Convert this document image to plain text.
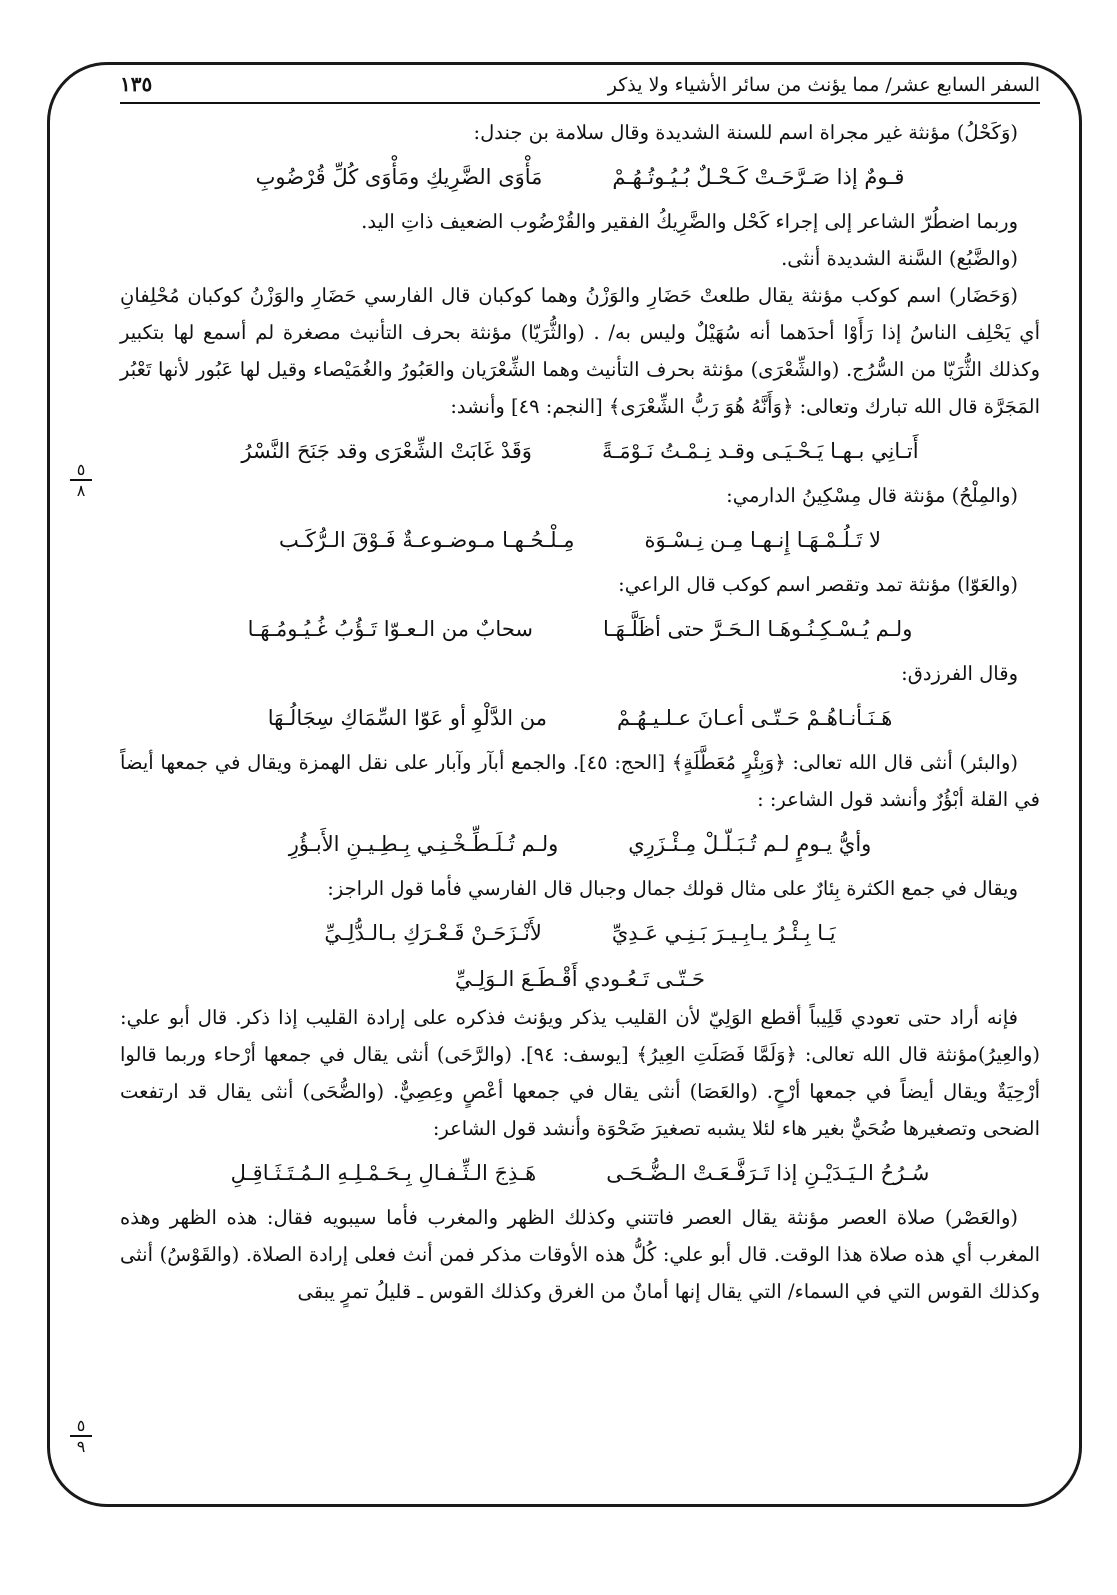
٥
٨
٥
٩
السفر السابع عشر/ مما يؤنث من سائر الأشياء ولا يذكر
١٣٥

(وَكَحْلُ) مؤنثة غير مجراة اسم للسنة الشديدة وقال سلامة بن جندل:

قـومٌ إذا صَـرَّحَـتْ كَـحْـلٌ بُـيُـوتُـهُـمْ
مَأْوَى الضَّرِيكِ ومَأْوَى كُلِّ قُرْضُوبِ

وربما اضطُرّ الشاعر إلى إجراء كَحْل والضَّرِيكُ الفقير والقُرْضُوب الضعيف ذاتِ اليد.

(والضَّبُع) السَّنة الشديدة أنثى.

(وَحَضَار) اسم كوكب مؤنثة يقال طلعتْ حَضَارِ والوَزْنُ وهما كوكبان قال الفارسي حَضَارِ والوَزْنُ كوكبان مُحْلِفانِ أي يَحْلِف الناسُ إذا رَأَوْا أحدَهما أنه سُهَيْلٌ وليس به/ . (والثُّرَيّا) مؤنثة بحرف التأنيث مصغرة لم أسمع لها بتكبير وكذلك الثُّرَيّا من السُّرُج. (والشِّعْرَى) مؤنثة بحرف التأنيث وهما الشِّعْرَيان والعَبُورُ والغُمَيْصاء وقيل لها عَبُور لأنها تَعْبُر المَجَرَّة قال الله تبارك وتعالى: ﴿وَأَنَّهُ هُوَ رَبُّ الشِّعْرَى﴾ [النجم: ٤٩] وأنشد:

أَتـانِي بـهـا يَـحْـيَـى وقـد نِـمْـتُ نَـوْمَـةً
وَقَدْ غَابَتْ الشِّعْرَى وقد جَنَحَ النَّسْرُ

(والمِلْحُ) مؤنثة قال مِسْكِينُ الدارمي:

لا تَـلُـمْـهَـا إِنـهـا مِـن نِـسْـوَة
مِـلْـحُـهـا مـوضـوعـةٌ فَـوْقَ الـرُّكَـب

(والعَوّا) مؤنثة تمد وتقصر اسم كوكب قال الراعي:

ولـم يُـسْـكِـنُـوهَـا الـحَـرَّ حتى أظَلَّـهَـا
سحابٌ من الـعـوّا تَـؤُبُ غُـيُـومُـهَـا

وقال الفرزدق:

هَـنَـأنـاهُـمْ حَـتّـى أعـانَ عـلـيـهُـمْ
من الدَّلْوِ أو عَوّا السِّمَاكِ سِجَالُـهَا

(والبئر) أنثى قال الله تعالى: ﴿وَبِئْرٍ مُعَطَّلَةٍ﴾ [الحج: ٤٥]. والجمع أبآر وآبار على نقل الهمزة ويقال في جمعها أيضاً في القلة أبْؤُرٌ وأنشد قول الشاعر: :

وأيُّ يـومٍ لـم تُـبَـلّـلْ مِـئْـزَرِي
ولـم تُـلَـطِّـخْـنِـي بِـطِـيـنِ الأَبـؤُرِ

ويقال في جمع الكثرة بِئارٌ على مثال قولك جمال وجبال قال الفارسي فأما قول الراجز:

يَـا بِـئْـرُ يـابِـيـرَ بَـنِـي عَـدِيِّ
لأَنْـزَحَـنْ قَـعْـرَكِ بـالـدُّلِـيِّ
حَـتّـى تَـعُـودي أَقْـطَـعَ الـوَلِـيِّ

فإنه أراد حتى تعودي قَلِيباً أقطع الوَلِيّ لأن القليب يذكر ويؤنث فذكره على إرادة القليب إذا ذكر. قال أبو علي: (والعِيرُ)مؤنثة قال الله تعالى: ﴿وَلَمَّا فَصَلَتِ العِيرُ﴾ [يوسف: ٩٤]. (والرَّحَى) أنثى يقال في جمعها أرْحاء وربما قالوا أرْحِيَةٌ ويقال أيضاً في جمعها أرْحٍ. (والعَصَا) أنثى يقال في جمعها أعْصٍ وعِصِيٌّ. (والضُّحَى) أنثى يقال قد ارتفعت الضحى وتصغيرها ضُحَيٌّ بغير هاء لئلا يشبه تصغيرَ ضَحْوَة وأنشد قول الشاعر:

سُـرُحُ الـيَـدَيْـنِ إذا تَـرَفَّـعَـتْ الـضُّـحَـى
هَـذِجَ الـثِّـفـالِ بِـحَـمْـلِـهِ الـمُـتَـثَـاقِـلِ

(والعَصْر) صلاة العصر مؤنثة يقال العصر فاتتني وكذلك الظهر والمغرب فأما سيبويه فقال: هذه الظهر وهذه المغرب أي هذه صلاة هذا الوقت. قال أبو علي: كُلُّ هذه الأوقات مذكر فمن أنث فعلى إرادة الصلاة. (والقَوْسُ) أنثى وكذلك القوس التي في السماء/ التي يقال إنها أمانٌ من الغرق وكذلك القوس ـ قليلُ تمرٍ يبقى
